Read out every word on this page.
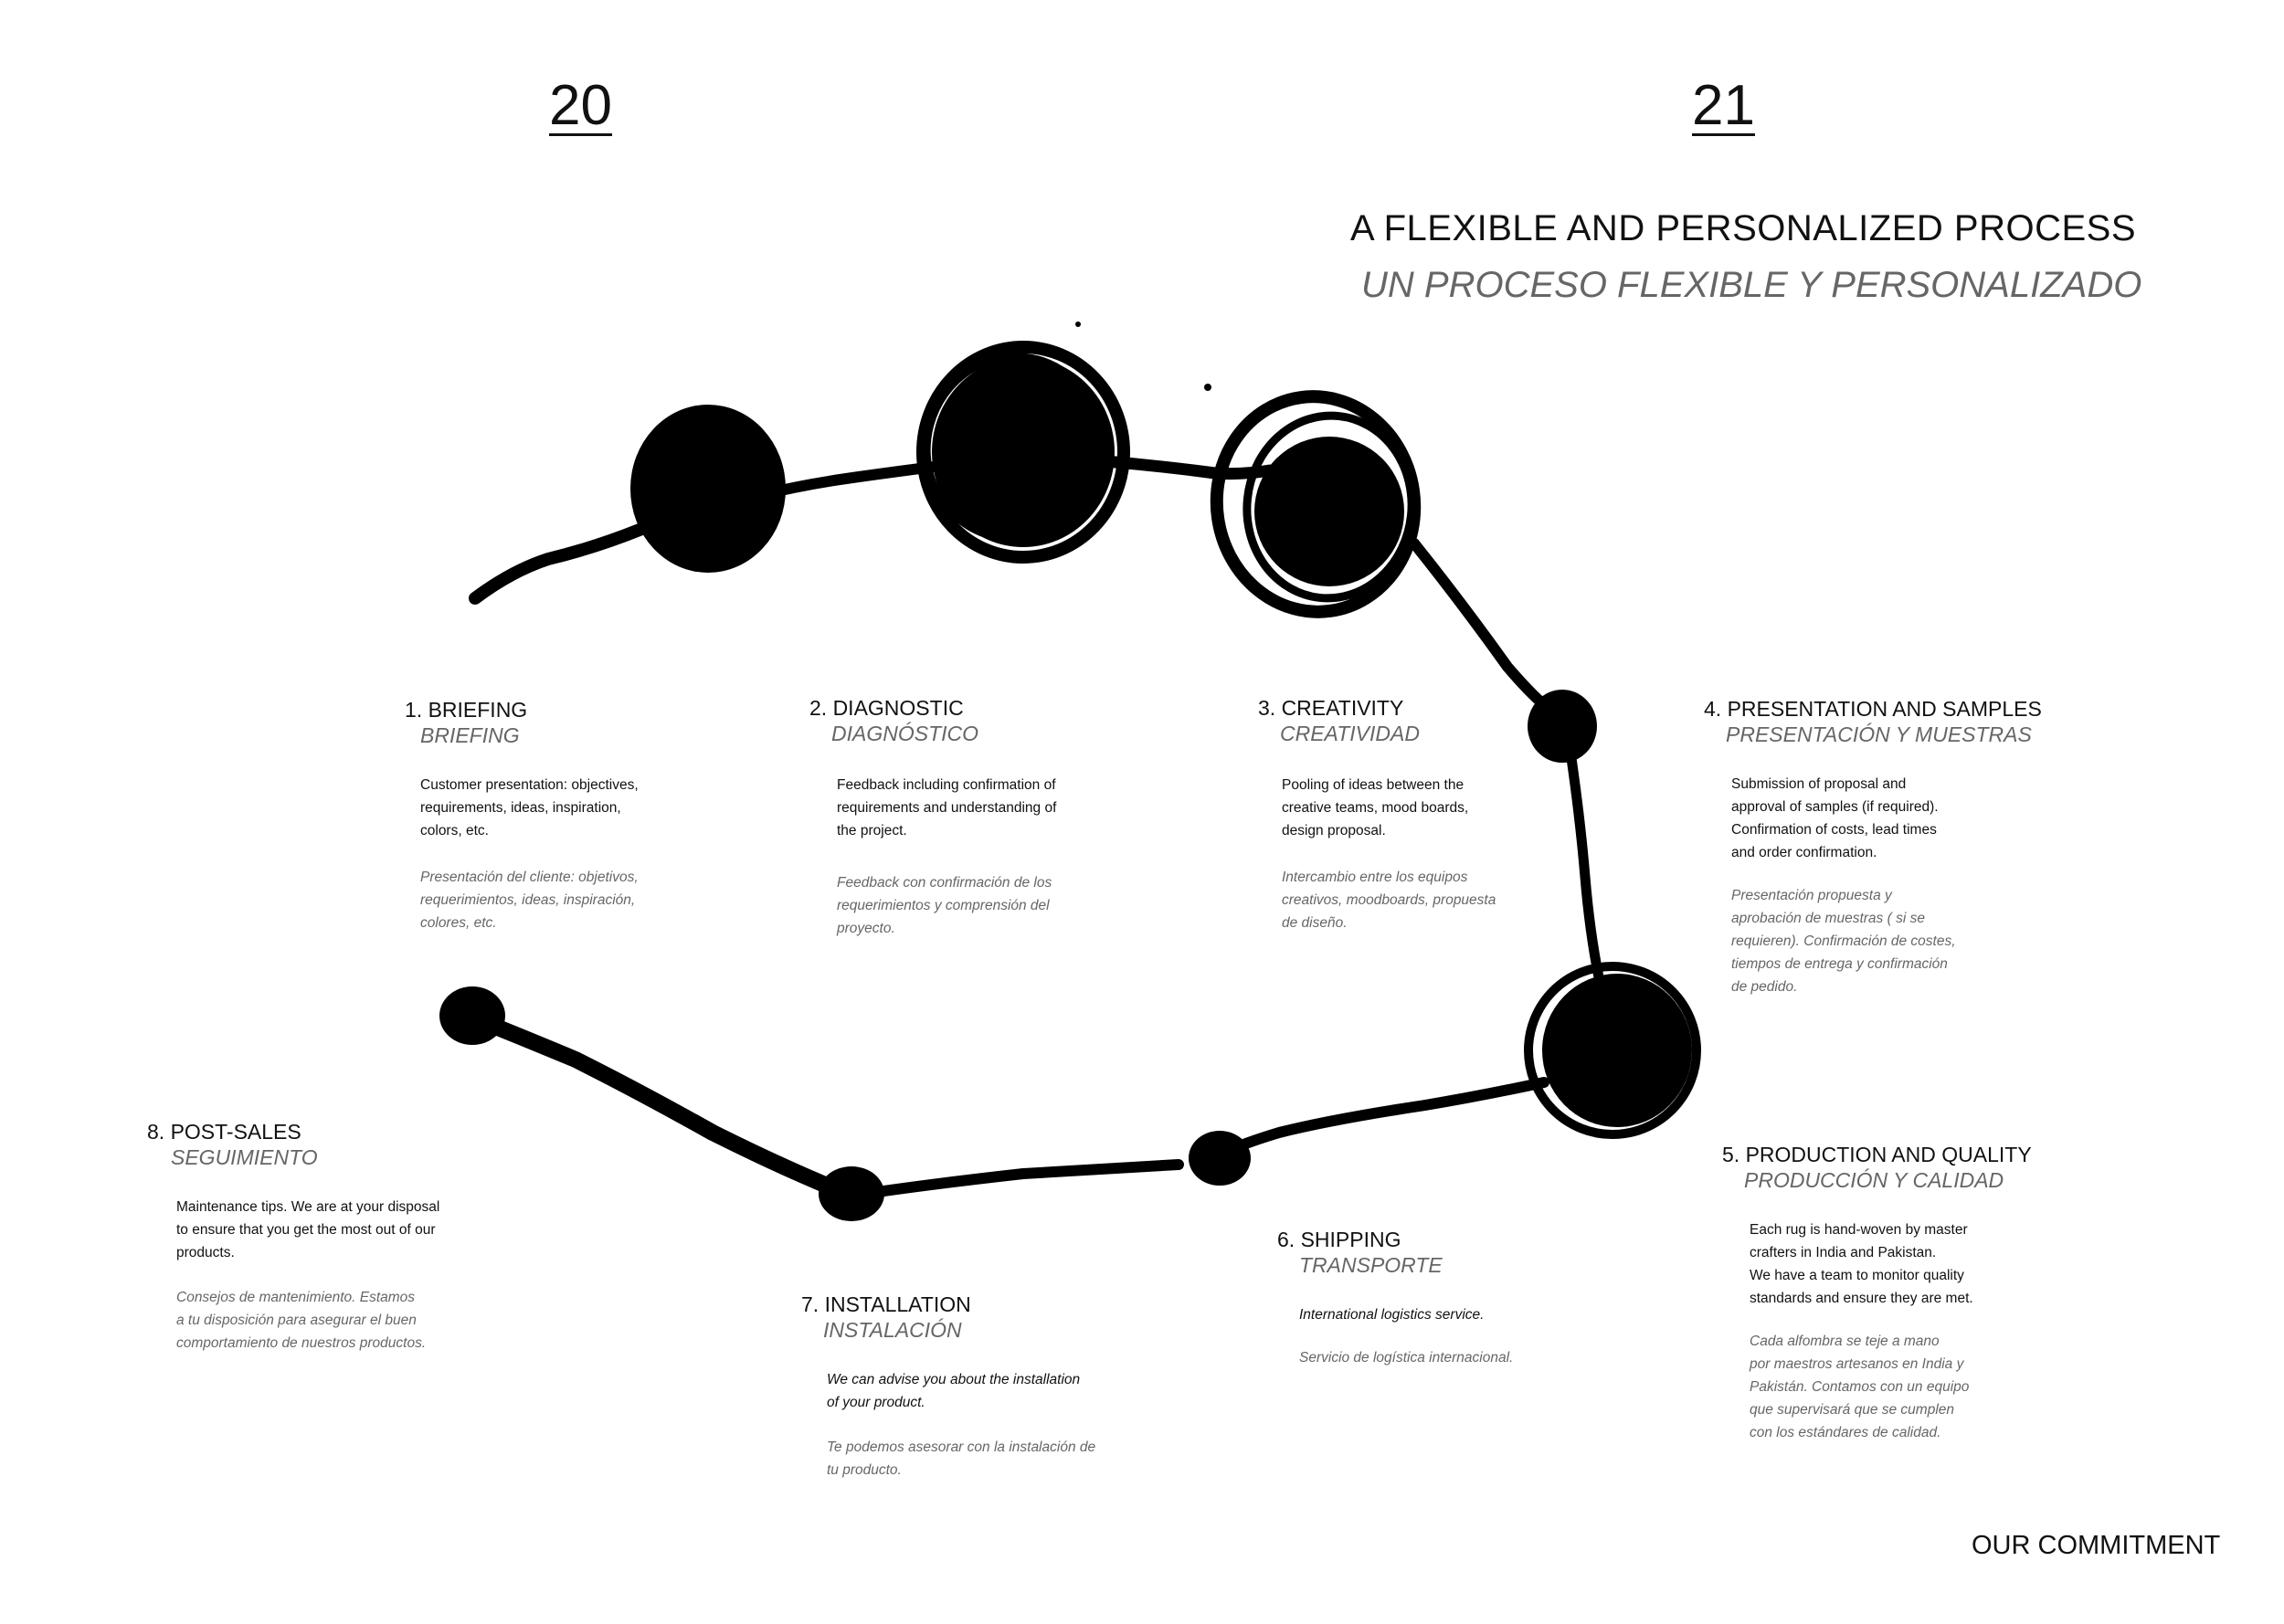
20	21
A FLEXIBLE AND PERSONALIZED PROCESS
UN PROCESO FLEXIBLE Y PERSONALIZADO
1. BRIEFING
BRIEFING
Customer presentation: objectives,
requirements, ideas, inspiration,
colors, etc.
Presentación del cliente: objetivos,
requerimientos, ideas, inspiración,
colores, etc.
2. DIAGNOSTIC
DIAGNÓSTICO
Feedback including confirmation of
requirements and understanding of
the project.
Feedback con confirmación de los
requerimientos y comprensión del
proyecto.
3. CREATIVITY
CREATIVIDAD
Pooling of ideas between the
creative teams, mood boards,
design proposal.
Intercambio entre los equipos
creativos, moodboards, propuesta
de diseño.
4. PRESENTATION AND SAMPLES
PRESENTACIÓN Y MUESTRAS
Submission of proposal and
approval of samples (if required).
Confirmation of costs, lead times
and order confirmation.
Presentación propuesta y
aprobación de muestras ( si se
requieren). Confirmación de costes,
tiempos de entrega y confirmación
de pedido.
5. PRODUCTION AND QUALITY
PRODUCCIÓN Y CALIDAD
Each rug is hand-woven by master
crafters in India and Pakistan.
We have a team to monitor quality
standards and ensure they are met.
Cada alfombra se teje a mano
por maestros artesanos en India y
Pakistán. Contamos con un equipo
que supervisará que se cumplen
con los estándares de calidad.
6. SHIPPING
TRANSPORTE
International logistics service.
Servicio de logística internacional.
7. INSTALLATION
INSTALACIÓN
We can advise you about the installation
of your product.
Te podemos asesorar con la instalación de
tu producto.
8. POST-SALES
SEGUIMIENTO
Maintenance tips. We are at your disposal
to ensure that you get the most out of our
products.
Consejos de mantenimiento. Estamos
a tu disposición para asegurar el buen
comportamiento de nuestros productos.
OUR COMMITMENT
